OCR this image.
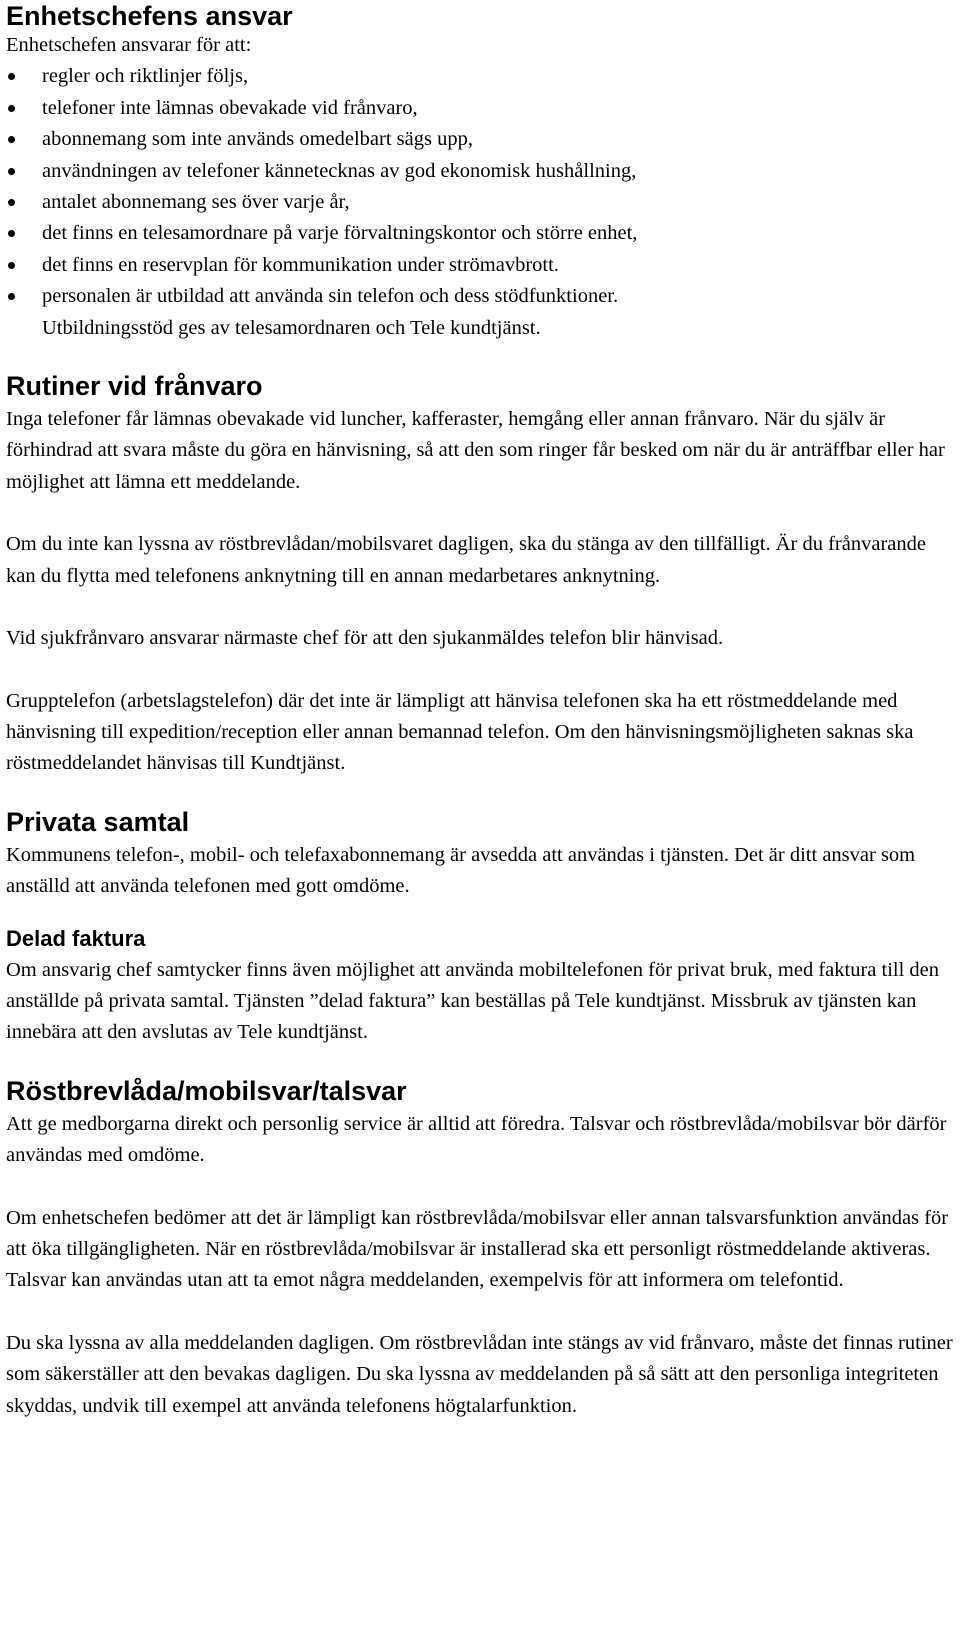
Enhetschefens ansvar

Enhetschefen ansvarar för att:

regler och riktlinjer följs,
telefoner inte lämnas obevakade vid frånvaro,
abonnemang som inte används omedelbart sägs upp,
användningen av telefoner kännetecknas av god ekonomisk hushållning,
antalet abonnemang ses över varje år,
det finns en telesamordnare på varje förvaltningskontor och större enhet,
det finns en reservplan för kommunikation under strömavbrott.
personalen är utbildad att använda sin telefon och dess stödfunktioner.

Utbildningsstöd ges av telesamordnaren och Tele kundtjänst.

Rutiner vid frånvaro

Inga telefoner får lämnas obevakade vid luncher, kafferaster, hemgång eller annan frånvaro. När du själv är förhindrad att svara måste du göra en hänvisning, så att den som ringer får besked om när du är anträffbar eller har möjlighet att lämna ett meddelande.

Om du inte kan lyssna av röstbrevlådan/mobilsvaret dagligen, ska du stänga av den tillfälligt. Är du frånvarande kan du flytta med telefonens anknytning till en annan medarbetares anknytning.

Vid sjukfrånvaro ansvarar närmaste chef för att den sjukanmäldes telefon blir hänvisad.

Grupptelefon (arbetslagstelefon) där det inte är lämpligt att hänvisa telefonen ska ha ett röstmeddelande med hänvisning till expedition/reception eller annan bemannad telefon. Om den hänvisningsmöjligheten saknas ska röstmeddelandet hänvisas till Kundtjänst.

Privata samtal

Kommunens telefon-, mobil- och telefaxabonnemang är avsedda att användas i tjänsten. Det är ditt ansvar som anställd att använda telefonen med gott omdöme.

Delad faktura

Om ansvarig chef samtycker finns även möjlighet att använda mobiltelefonen för privat bruk, med faktura till den anställde på privata samtal. Tjänsten ”delad faktura” kan beställas på Tele kundtjänst. Missbruk av tjänsten kan innebära att den avslutas av Tele kundtjänst.

Röstbrevlåda/mobilsvar/talsvar

Att ge medborgarna direkt och personlig service är alltid att föredra. Talsvar och röstbrevlåda/mobilsvar bör därför användas med omdöme.

Om enhetschefen bedömer att det är lämpligt kan röstbrevlåda/mobilsvar eller annan talsvarsfunktion användas för att öka tillgängligheten. När en röstbrevlåda/mobilsvar är installerad ska ett personligt röstmeddelande aktiveras. Talsvar kan användas utan att ta emot några meddelanden, exempelvis för att informera om telefontid.

Du ska lyssna av alla meddelanden dagligen. Om röstbrevlådan inte stängs av vid frånvaro, måste det finnas rutiner som säkerställer att den bevakas dagligen. Du ska lyssna av meddelanden på så sätt att den personliga integriteten skyddas, undvik till exempel att använda telefonens högtalarfunktion.
